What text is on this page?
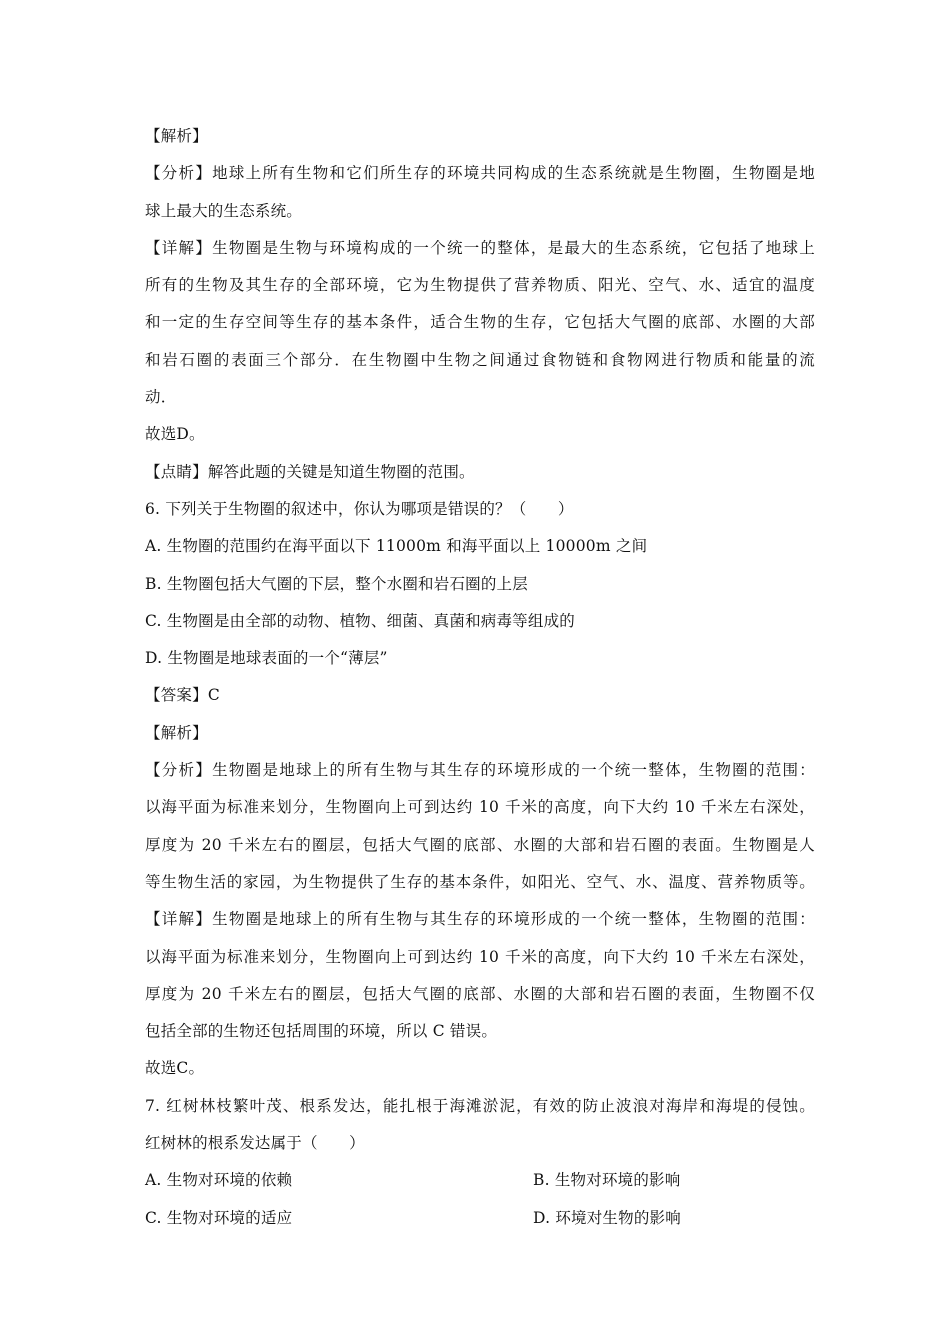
【解析】
【分析】地球上所有生物和它们所生存的环境共同构成的生态系统就是生物圈，生物圈是地
球上最大的生态系统。
【详解】生物圈是生物与环境构成的一个统一的整体，是最大的生态系统，它包括了地球上
所有的生物及其生存的全部环境，它为生物提供了营养物质、阳光、空气、水、适宜的温度
和一定的生存空间等生存的基本条件，适合生物的生存，它包括大气圈的底部、水圈的大部
和岩石圈的表面三个部分．在生物圈中生物之间通过食物链和食物网进行物质和能量的流
动．
故选D。
【点睛】解答此题的关键是知道生物圈的范围。
6. 下列关于生物圈的叙述中，你认为哪项是错误的？（　　）
A. 生物圈的范围约在海平面以下 11000m 和海平面以上 10000m 之间
B. 生物圈包括大气圈的下层，整个水圈和岩石圈的上层
C. 生物圈是由全部的动物、植物、细菌、真菌和病毒等组成的
D. 生物圈是地球表面的一个“薄层”
【答案】C
【解析】
【分析】生物圈是地球上的所有生物与其生存的环境形成的一个统一整体，生物圈的范围：
以海平面为标准来划分，生物圈向上可到达约 10 千米的高度，向下大约 10 千米左右深处，
厚度为 20 千米左右的圈层，包括大气圈的底部、水圈的大部和岩石圈的表面。生物圈是人
等生物生活的家园，为生物提供了生存的基本条件，如阳光、空气、水、温度、营养物质等。
【详解】生物圈是地球上的所有生物与其生存的环境形成的一个统一整体，生物圈的范围：
以海平面为标准来划分，生物圈向上可到达约 10 千米的高度，向下大约 10 千米左右深处，
厚度为 20 千米左右的圈层，包括大气圈的底部、水圈的大部和岩石圈的表面，生物圈不仅
包括全部的生物还包括周围的环境，所以 C 错误。
故选C。
7. 红树林枝繁叶茂、根系发达，能扎根于海滩淤泥，有效的防止波浪对海岸和海堤的侵蚀。
红树林的根系发达属于（　　）
A. 生物对环境的依赖	B. 生物对环境的影响
C. 生物对环境的适应	D. 环境对生物的影响
